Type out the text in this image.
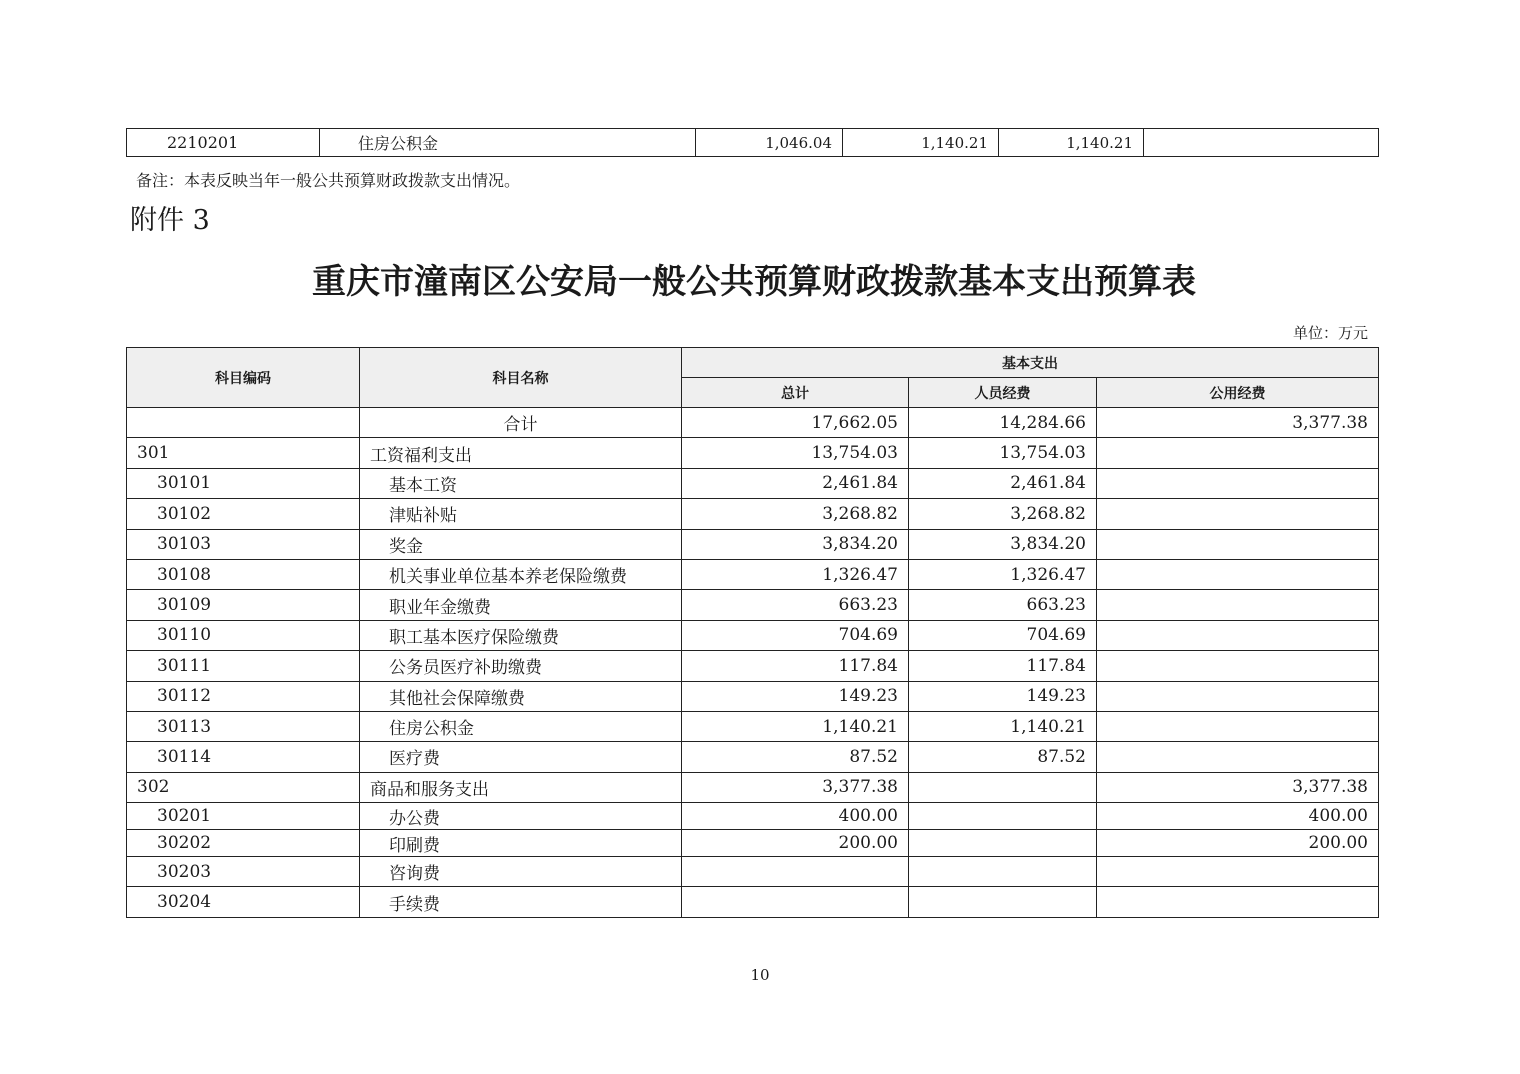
2210201	住房公积金	1,046.04	1,140.21	1,140.21	
备注：本表反映当年一般公共预算财政拨款支出情况。
附件 3
重庆市潼南区公安局一般公共预算财政拨款基本支出预算表
单位：万元
科目编码	科目名称	基本支出		
		总计	人员经费	公用经费
	合计	17,662.05	14,284.66	3,377.38
301	工资福利支出	13,754.03	13,754.03	
30101	基本工资	2,461.84	2,461.84	
30102	津贴补贴	3,268.82	3,268.82	
30103	奖金	3,834.20	3,834.20	
30108	机关事业单位基本养老保险缴费	1,326.47	1,326.47	
30109	职业年金缴费	663.23	663.23	
30110	职工基本医疗保险缴费	704.69	704.69	
30111	公务员医疗补助缴费	117.84	117.84	
30112	其他社会保障缴费	149.23	149.23	
30113	住房公积金	1,140.21	1,140.21	
30114	医疗费	87.52	87.52	
302	商品和服务支出	3,377.38		3,377.38
30201	办公费	400.00		400.00
30202	印刷费	200.00		200.00
30203	咨询费			
30204	手续费			
10
